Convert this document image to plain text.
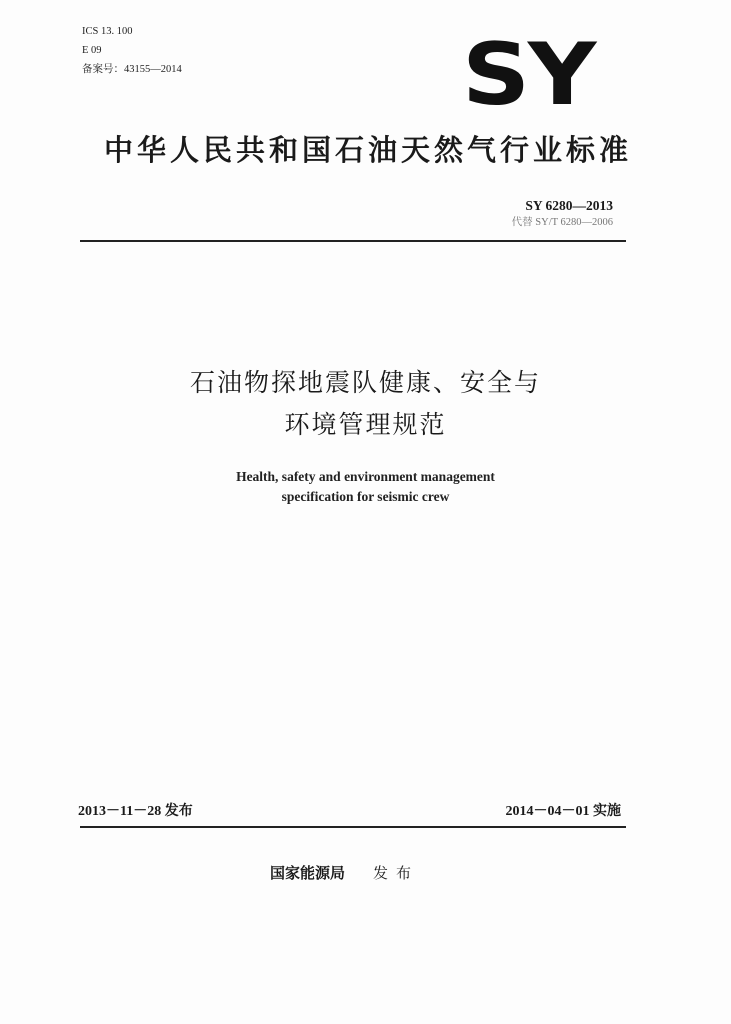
ICS 13. 100
E 09
备案号：43155—2014	SY
中华人民共和国石油天然气行业标准
SY 6280—2013
代替 SY/T 6280—2006
石油物探地震队健康、安全与
环境管理规范
Health, safety and environment management
specification for seismic crew
2013－11－28 发布	2014－04－01 实施
国家能源局 发布
